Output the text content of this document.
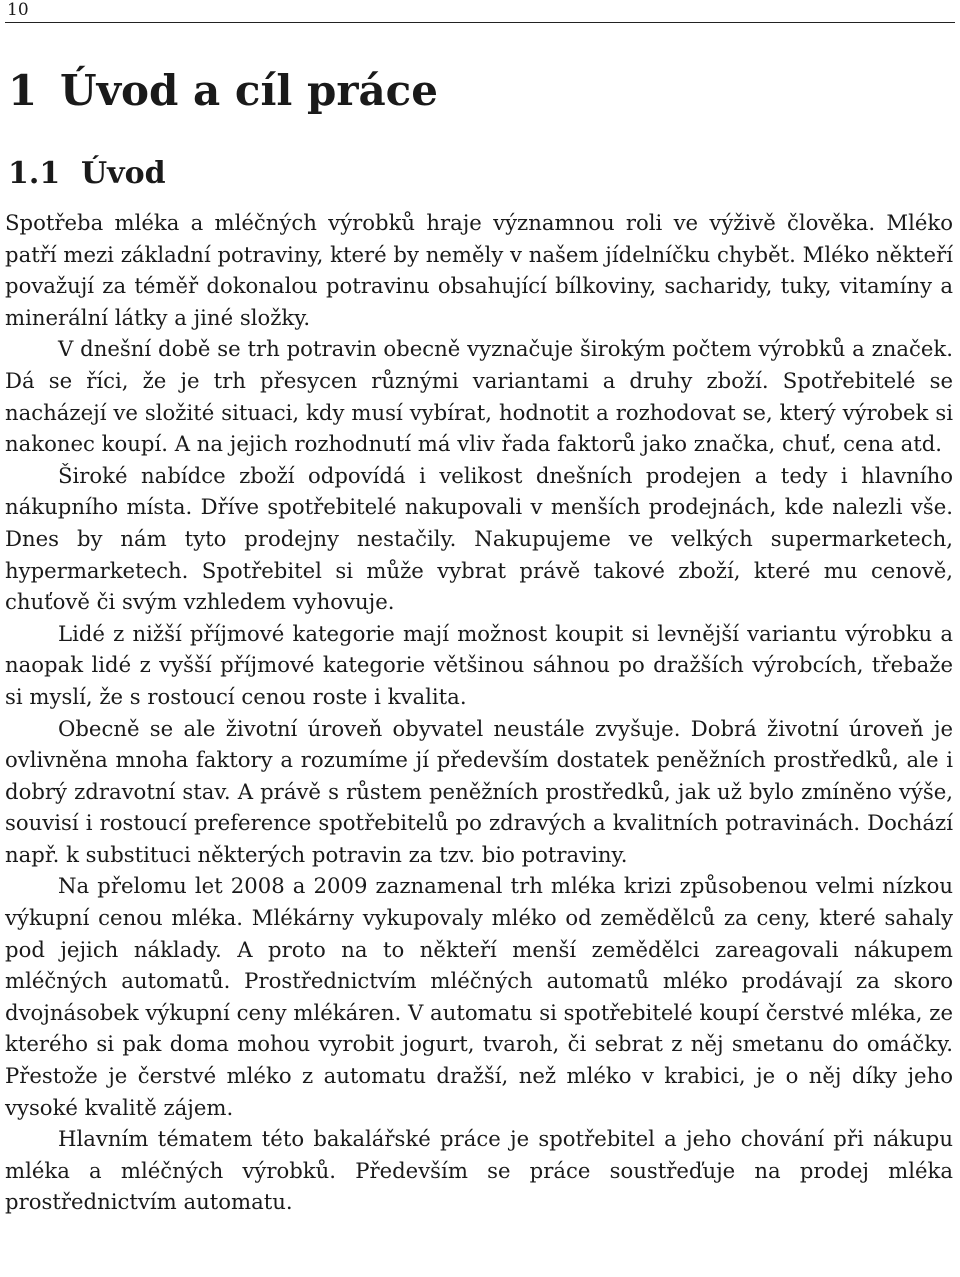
10
1 Úvod a cíl práce
1.1 Úvod

Spotřeba mléka a mléčných výrobků hraje významnou roli ve výživě člověka. Mléko patří mezi základní potraviny, které by neměly v našem jídelníčku chybět. Mléko někteří považují za téměř dokonalou potravinu obsahující bílkoviny, sacharidy, tuky, vitamíny a minerální látky a jiné složky.

V dnešní době se trh potravin obecně vyznačuje širokým počtem výrobků a značek. Dá se říci, že je trh přesycen různými variantami a druhy zboží. Spotřebitelé se nacházejí ve složité situaci, kdy musí vybírat, hodnotit a rozhodovat se, který výrobek si nakonec koupí. A na jejich rozhodnutí má vliv řada faktorů jako značka, chuť, cena atd.

Široké nabídce zboží odpovídá i velikost dnešních prodejen a tedy i hlavního nákupního místa. Dříve spotřebitelé nakupovali v menších prodejnách, kde nalezli vše. Dnes by nám tyto prodejny nestačily. Nakupujeme ve velkých supermarketech, hypermarketech. Spotřebitel si může vybrat právě takové zboží, které mu cenově, chuťově či svým vzhledem vyhovuje.

Lidé z nižší příjmové kategorie mají možnost koupit si levnější variantu výrobku a naopak lidé z vyšší příjmové kategorie většinou sáhnou po dražších výrobcích, třebaže si myslí, že s rostoucí cenou roste i kvalita.

Obecně se ale životní úroveň obyvatel neustále zvyšuje. Dobrá životní úroveň je ovlivněna mnoha faktory a rozumíme jí především dostatek peněžních prostředků, ale i dobrý zdravotní stav. A právě s růstem peněžních prostředků, jak už bylo zmíněno výše, souvisí i rostoucí preference spotřebitelů po zdravých a kvalitních potravinách. Dochází např. k substituci některých potravin za tzv. bio potraviny.

Na přelomu let 2008 a 2009 zaznamenal trh mléka krizi způsobenou velmi nízkou výkupní cenou mléka. Mlékárny vykupovaly mléko od zemědělců za ceny, které sahaly pod jejich náklady. A proto na to někteří menší zemědělci zareagovali nákupem mléčných automatů. Prostřednictvím mléčných automatů mléko prodávají za skoro dvojnásobek výkupní ceny mlékáren. V automatu si spotřebitelé koupí čerstvé mléka, ze kterého si pak doma mohou vyrobit jogurt, tvaroh, či sebrat z něj smetanu do omáčky. Přestože je čerstvé mléko z automatu dražší, než mléko v krabici, je o něj díky jeho vysoké kvalitě zájem.

Hlavním tématem této bakalářské práce je spotřebitel a jeho chování při nákupu mléka a mléčných výrobků. Především se práce soustřeďuje na prodej mléka prostřednictvím automatu.
